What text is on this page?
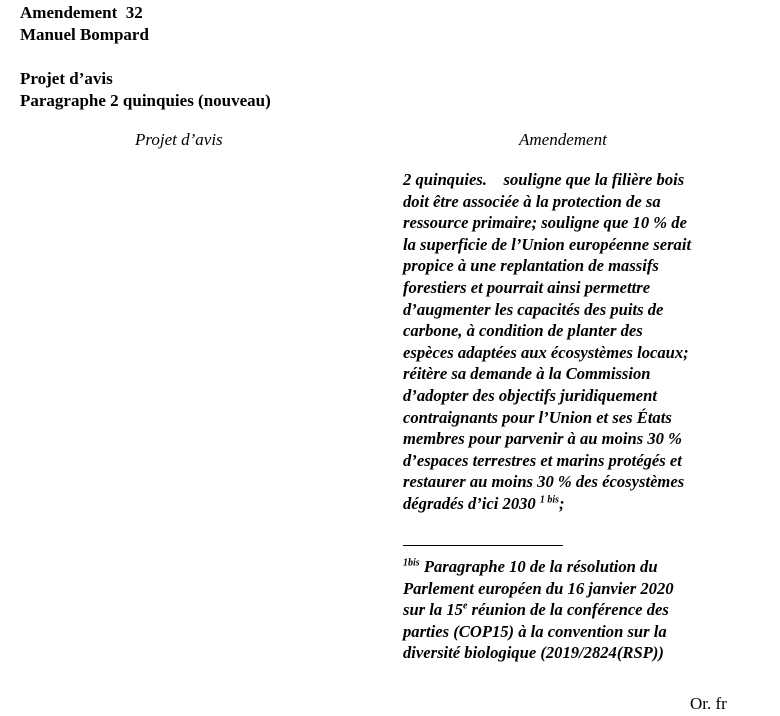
Amendement  32
Manuel Bompard
Projet d’avis
Paragraphe 2 quinquies (nouveau)
Projet d’avis	Amendement
2 quinquies.    souligne que la filière bois
doit être associée à la protection de sa
ressource primaire; souligne que 10 % de
la superficie de l’Union européenne serait
propice à une replantation de massifs
forestiers et pourrait ainsi permettre
d’augmenter les capacités des puits de
carbone, à condition de planter des
espèces adaptées aux écosystèmes locaux;
réitère sa demande à la Commission
d’adopter des objectifs juridiquement
contraignants pour l’Union et ses États
membres pour parvenir à au moins 30 %
d’espaces terrestres et marins protégés et
restaurer au moins 30 % des écosystèmes
dégradés d’ici 2030 $^{1 bis}$;
$^{1bis}$ Paragraphe 10 de la résolution du
Parlement européen du 16 janvier 2020
sur la 15e réunion de la conférence des
parties (COP15) à la convention sur la
diversité biologique (2019/2824(RSP))
Or. fr
